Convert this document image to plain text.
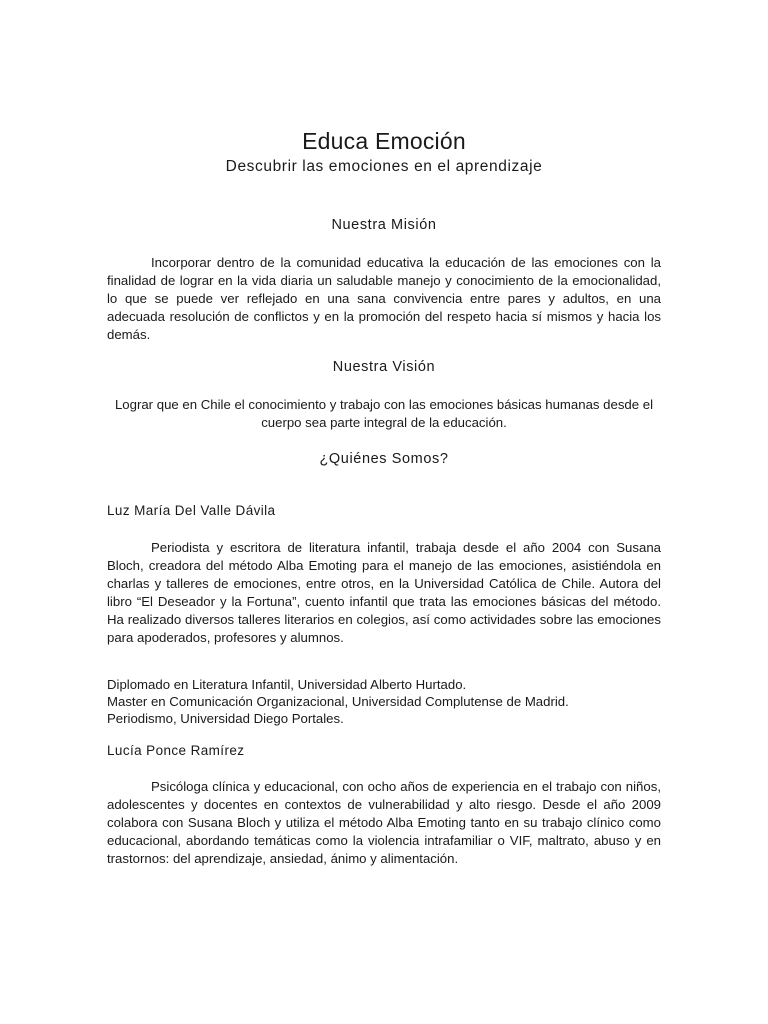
Educa Emoción
Descubrir las emociones en el aprendizaje
Nuestra Misión

Incorporar dentro de la comunidad educativa la educación de las emociones con la finalidad de lograr en la vida diaria un saludable manejo y conocimiento de la emocionalidad, lo que se puede ver reflejado en una sana convivencia entre pares y adultos, en una adecuada resolución de conflictos y en la promoción del respeto hacia sí mismos y hacia los demás.

Nuestra Visión

Lograr que en Chile el conocimiento y trabajo con las emociones básicas humanas desde el cuerpo sea parte integral de la educación.

¿Quiénes Somos?
Luz María Del Valle Dávila

Periodista y escritora de literatura infantil, trabaja desde el año 2004 con Susana Bloch, creadora del método Alba Emoting para el manejo de las emociones, asistiéndola en charlas y talleres de emociones, entre otros, en la Universidad Católica de Chile. Autora del libro “El Deseador y la Fortuna”, cuento infantil que trata las emociones básicas del método. Ha realizado diversos talleres literarios en colegios, así como actividades sobre las emociones para apoderados, profesores y alumnos.

Diplomado en Literatura Infantil, Universidad Alberto Hurtado.
Master en Comunicación Organizacional, Universidad Complutense de Madrid.
Periodismo, Universidad Diego Portales.
Lucía Ponce Ramírez

Psicóloga clínica y educacional, con ocho años de experiencia en el trabajo con niños, adolescentes y docentes en contextos de vulnerabilidad y alto riesgo. Desde el año 2009 colabora con Susana Bloch y utiliza el método Alba Emoting tanto en su trabajo clínico como educacional, abordando temáticas como la violencia intrafamiliar o VIF, maltrato, abuso y en trastornos: del aprendizaje, ansiedad, ánimo y alimentación.
